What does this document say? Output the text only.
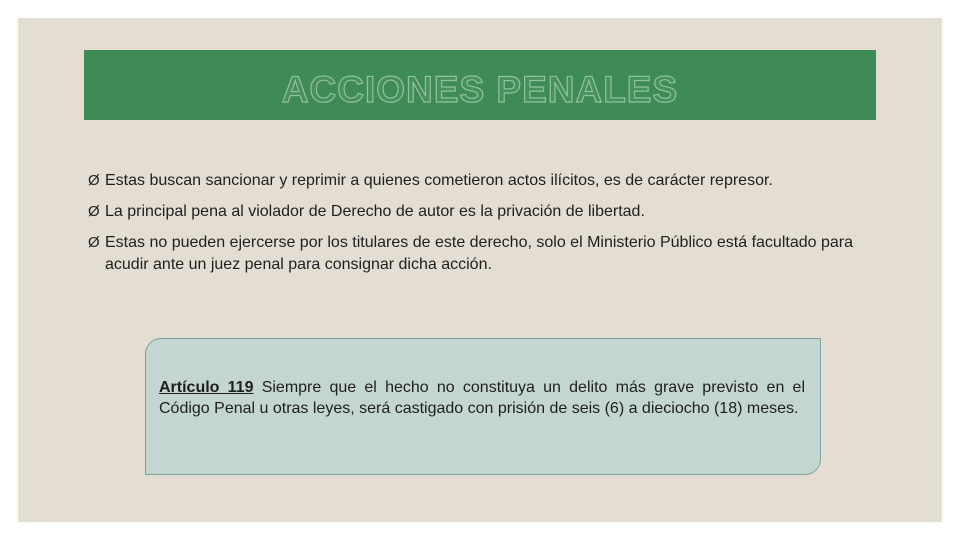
ACCIONES PENALES
Ø Estas buscan sancionar y reprimir a quienes cometieron actos ilícitos, es de carácter represor.
Ø La principal pena al violador de Derecho de autor es la privación de libertad.
Ø Estas no pueden ejercerse por los titulares de este derecho, solo el Ministerio Público está facultado para acudir ante un juez penal para consignar dicha acción.

Artículo 119 Siempre que el hecho no constituya un delito más grave previsto en el Código Penal u otras leyes, será castigado con prisión de seis (6) a dieciocho (18) meses.
